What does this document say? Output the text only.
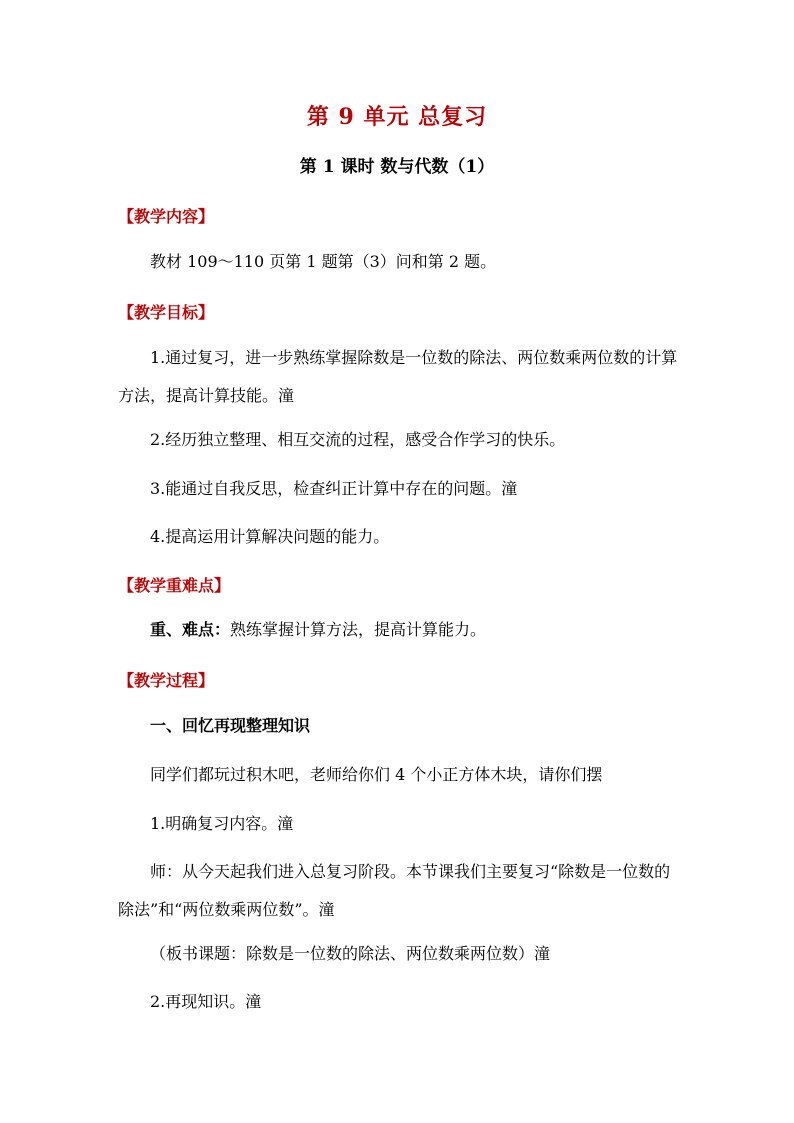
第 9 单元 总复习
第 1 课时 数与代数（1）
【教学内容】
教材 109～110 页第 1 题第（3）问和第 2 题。
【教学目标】
1.通过复习，进一步熟练掌握除数是一位数的除法、两位数乘两位数的计算方法，提高计算技能。潼
2.经历独立整理、相互交流的过程，感受合作学习的快乐。
3.能通过自我反思，检查纠正计算中存在的问题。潼
4.提高运用计算解决问题的能力。
【教学重难点】
重、难点：熟练掌握计算方法，提高计算能力。
【教学过程】
一、回忆再现整理知识
同学们都玩过积木吧，老师给你们 4 个小正方体木块，请你们摆
1.明确复习内容。潼
师：从今天起我们进入总复习阶段。本节课我们主要复习“除数是一位数的除法”和“两位数乘两位数”。潼
（板书课题：除数是一位数的除法、两位数乘两位数）潼
2.再现知识。潼
